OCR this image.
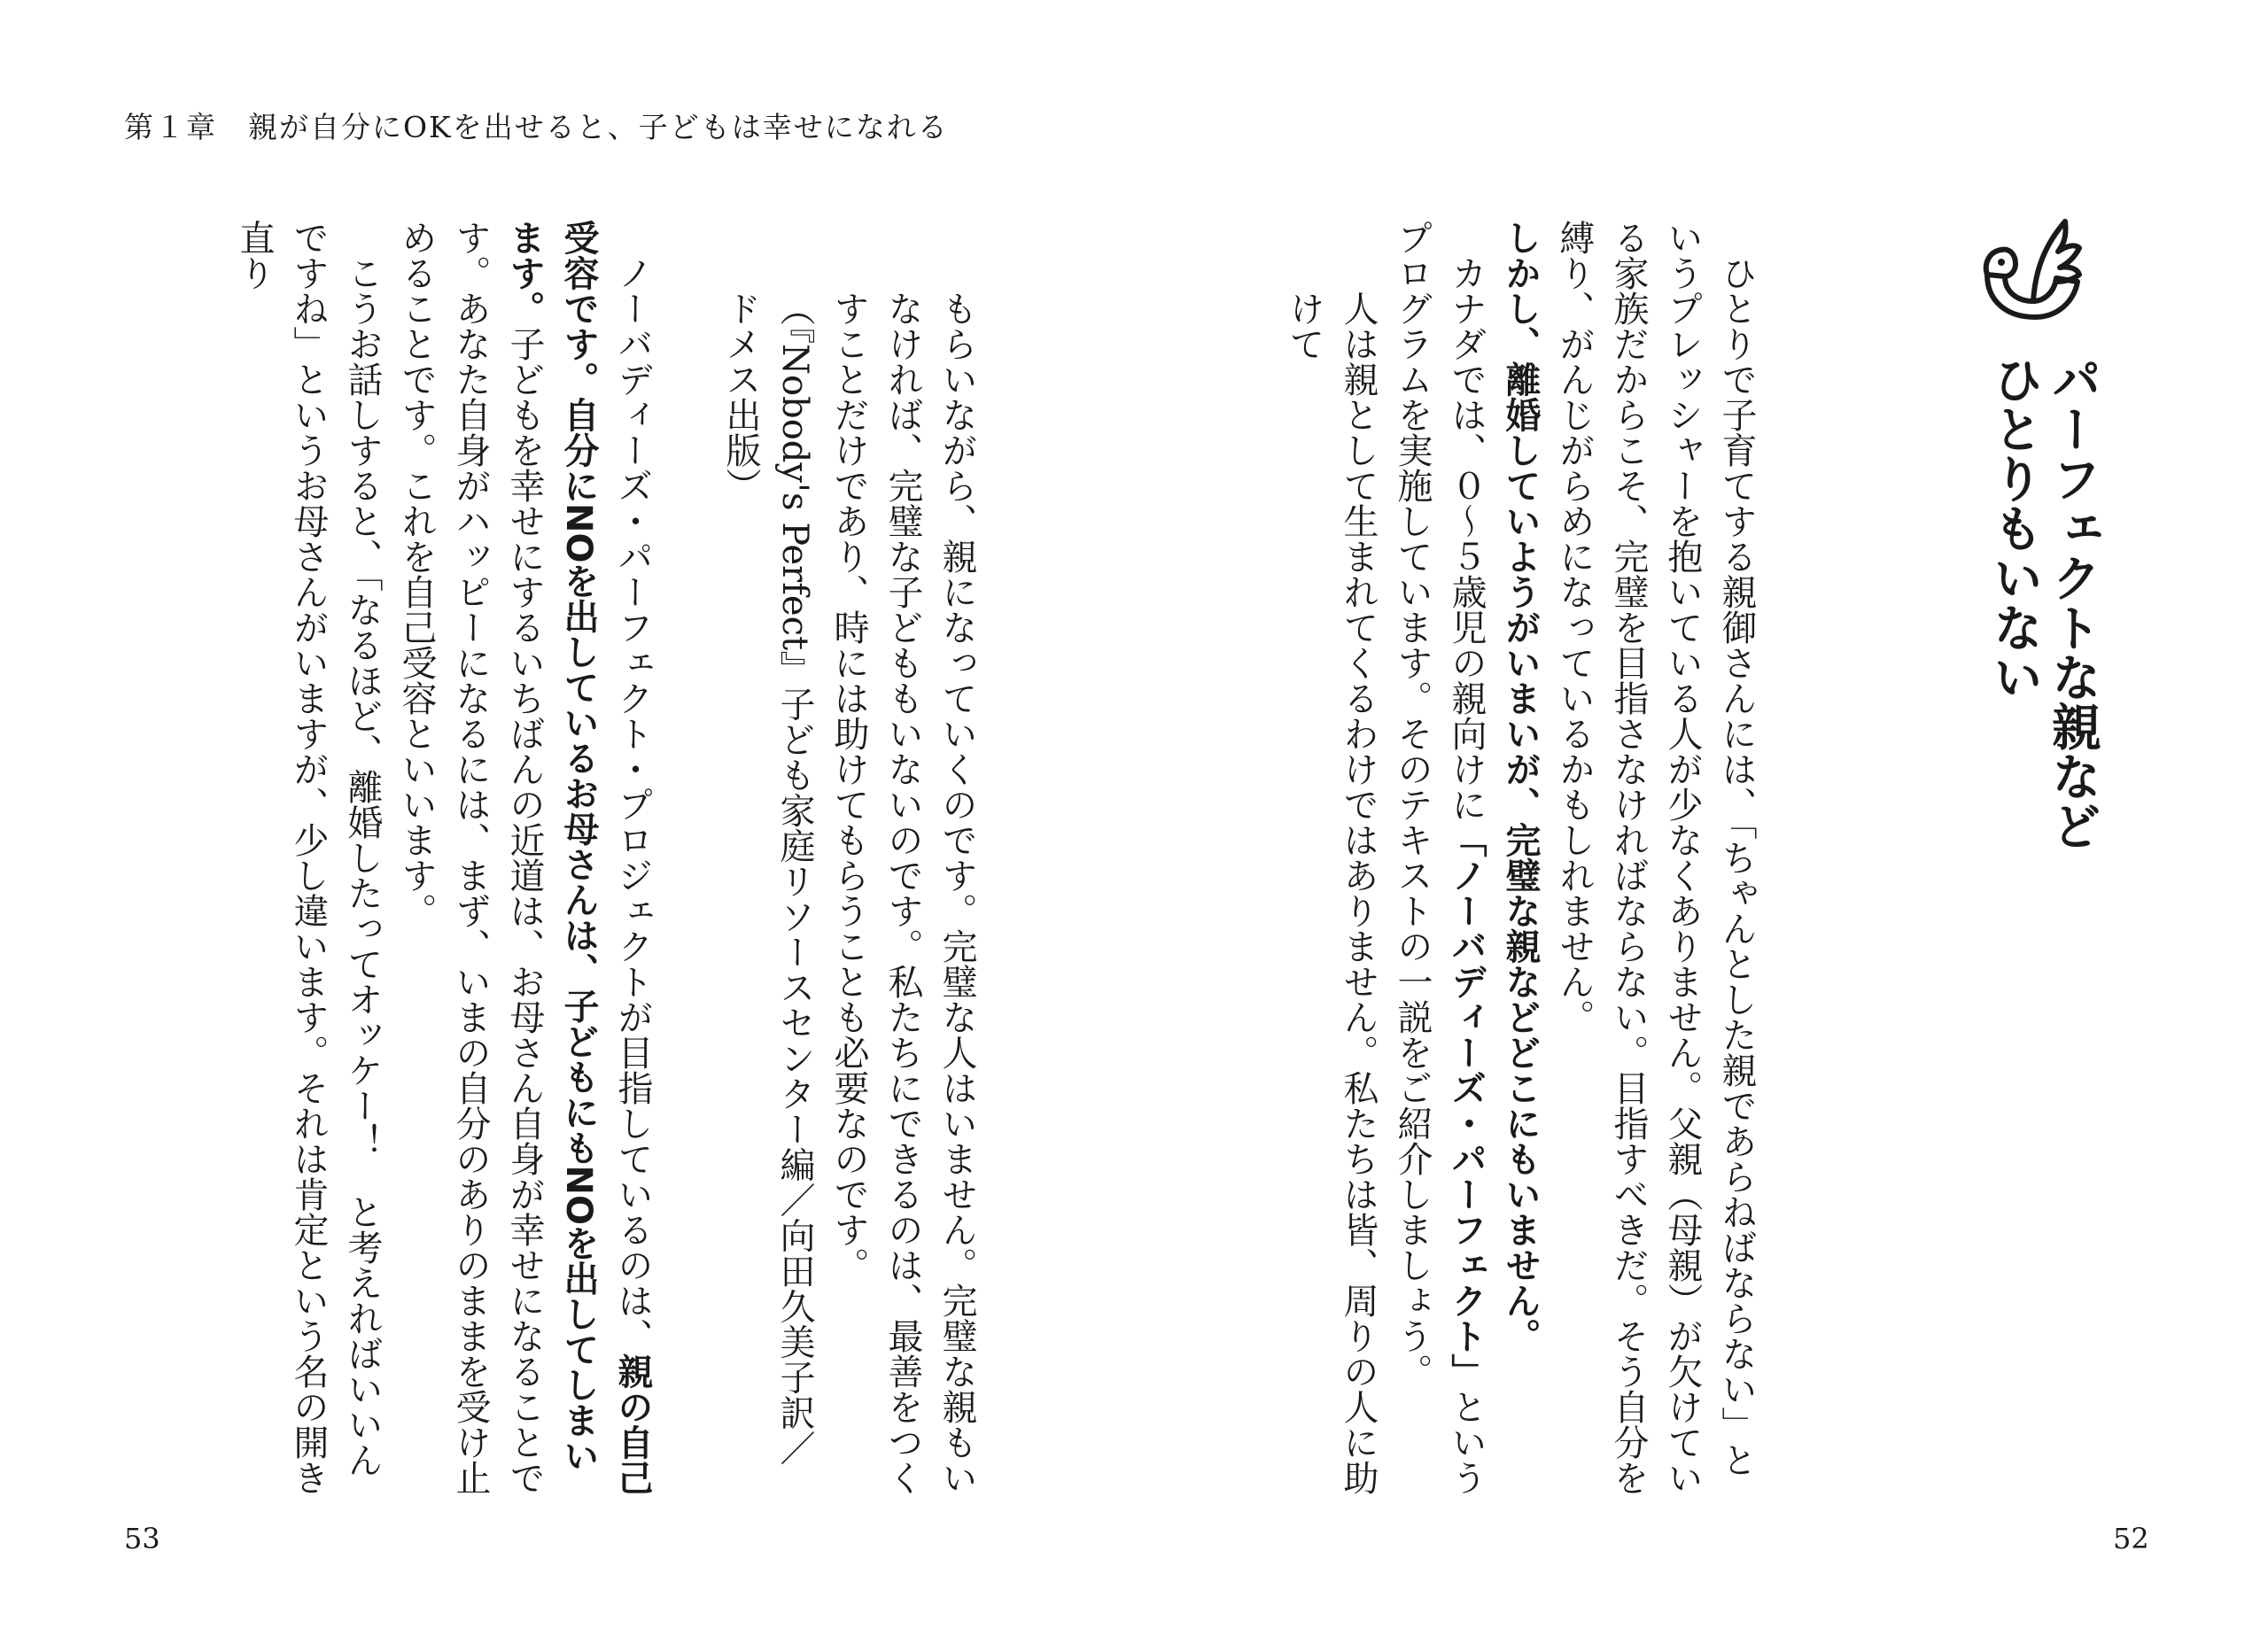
第１章　親が自分にOKを出せると、子どもは幸せになれる
53	52
パーフェクトな親など
ひとりもいない

ひとりで子育てする親御さんには、「ちゃんとした親であらねばならない」というプレッシャーを抱いている人が少なくありません。父親（母親）が欠けている家族だからこそ、完璧を目指さなければならない。目指すべきだ。そう自分を縛り、がんじがらめになっているかもしれません。

しかし、離婚していようがいまいが、完璧な親などどこにもいません。

カナダでは、０～５歳児の親向けに「ノーバディーズ・パーフェクト」というプログラムを実施しています。そのテキストの一説をご紹介しましょう。

人は親として生まれてくるわけではありません。私たちは皆、周りの人に助けて

もらいながら、親になっていくのです。完璧な人はいません。完璧な親もいなければ、完璧な子どももいないのです。私たちにできるのは、最善をつくすことだけであり、時には助けてもらうことも必要なのです。

（『Nobody's Perfect』子ども家庭リソースセンター編／向田久美子訳／ドメス出版）

ノーバディーズ・パーフェクト・プロジェクトが目指しているのは、親の自己受容です。自分にNOを出しているお母さんは、子どもにもNOを出してしまいます。子どもを幸せにするいちばんの近道は、お母さん自身が幸せになることです。あなた自身がハッピーになるには、まず、いまの自分のありのままを受け止めることです。これを自己受容といいます。

こうお話しすると、「なるほど、離婚したってオッケー！　と考えればいいんですね」というお母さんがいますが、少し違います。それは肯定という名の開き直り
